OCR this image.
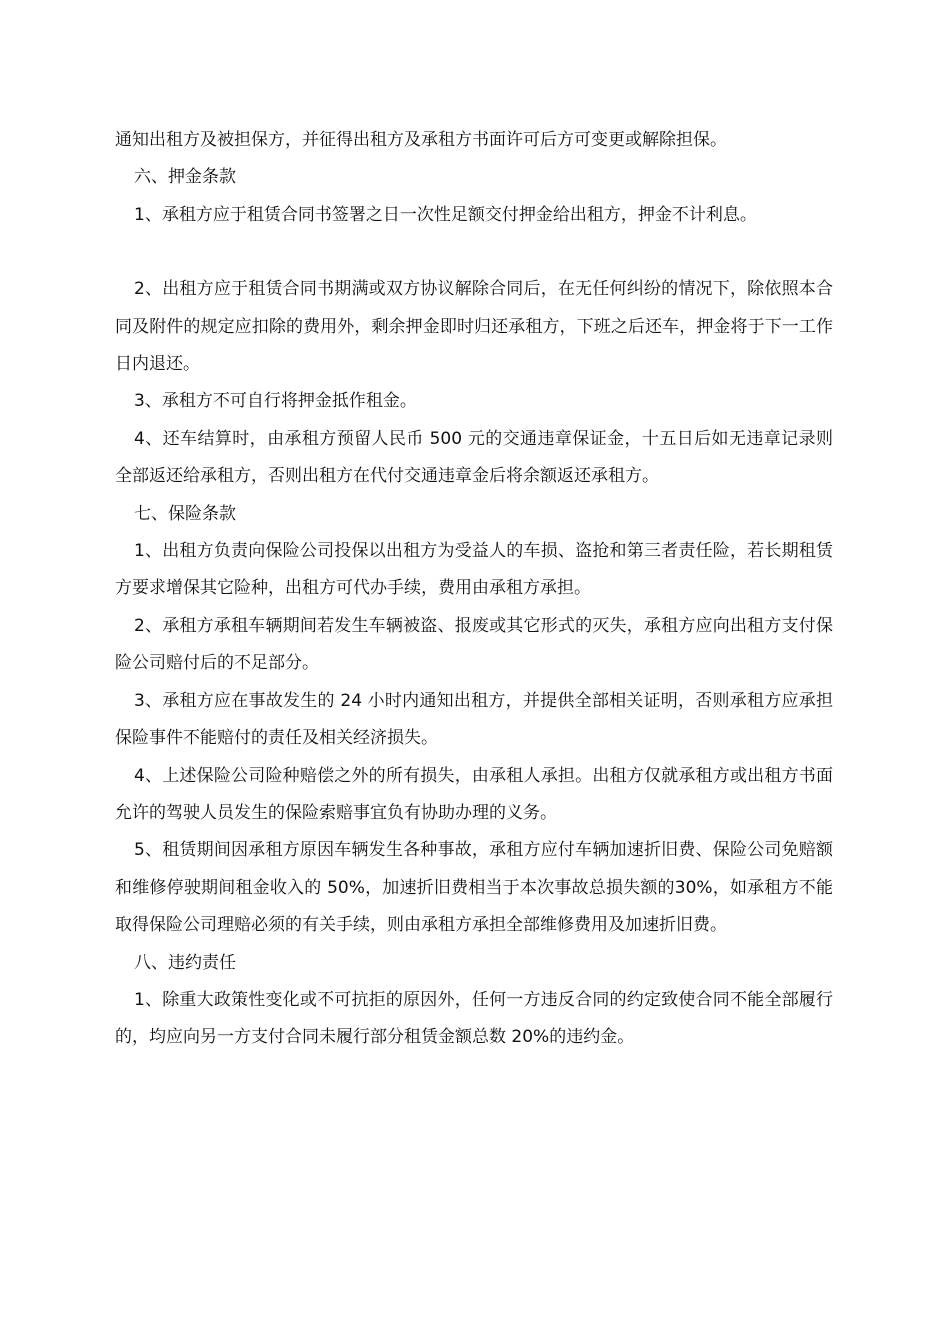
通知出租方及被担保方，并征得出租方及承租方书面许可后方可变更或解除担保。

六、押金条款

1、承租方应于租赁合同书签署之日一次性足额交付押金给出租方，押金不计利息。

2、出租方应于租赁合同书期满或双方协议解除合同后，在无任何纠纷的情况下，除依照本合同及附件的规定应扣除的费用外，剩余押金即时归还承租方，下班之后还车，押金将于下一工作日内退还。

3、承租方不可自行将押金抵作租金。

4、还车结算时，由承租方预留人民币 500 元的交通违章保证金，十五日后如无违章记录则全部返还给承租方，否则出租方在代付交通违章金后将余额返还承租方。

七、保险条款

1、出租方负责向保险公司投保以出租方为受益人的车损、盗抢和第三者责任险，若长期租赁方要求增保其它险种，出租方可代办手续，费用由承租方承担。

2、承租方承租车辆期间若发生车辆被盗、报废或其它形式的灭失，承租方应向出租方支付保险公司赔付后的不足部分。

3、承租方应在事故发生的 24 小时内通知出租方，并提供全部相关证明，否则承租方应承担保险事件不能赔付的责任及相关经济损失。

4、上述保险公司险种赔偿之外的所有损失，由承租人承担。出租方仅就承租方或出租方书面允许的驾驶人员发生的保险索赔事宜负有协助办理的义务。

5、租赁期间因承租方原因车辆发生各种事故，承租方应付车辆加速折旧费、保险公司免赔额和维修停驶期间租金收入的 50%，加速折旧费相当于本次事故总损失额的30%，如承租方不能取得保险公司理赔必须的有关手续，则由承租方承担全部维修费用及加速折旧费。

八、违约责任

1、除重大政策性变化或不可抗拒的原因外，任何一方违反合同的约定致使合同不能全部履行的，均应向另一方支付合同未履行部分租赁金额总数 20%的违约金。
